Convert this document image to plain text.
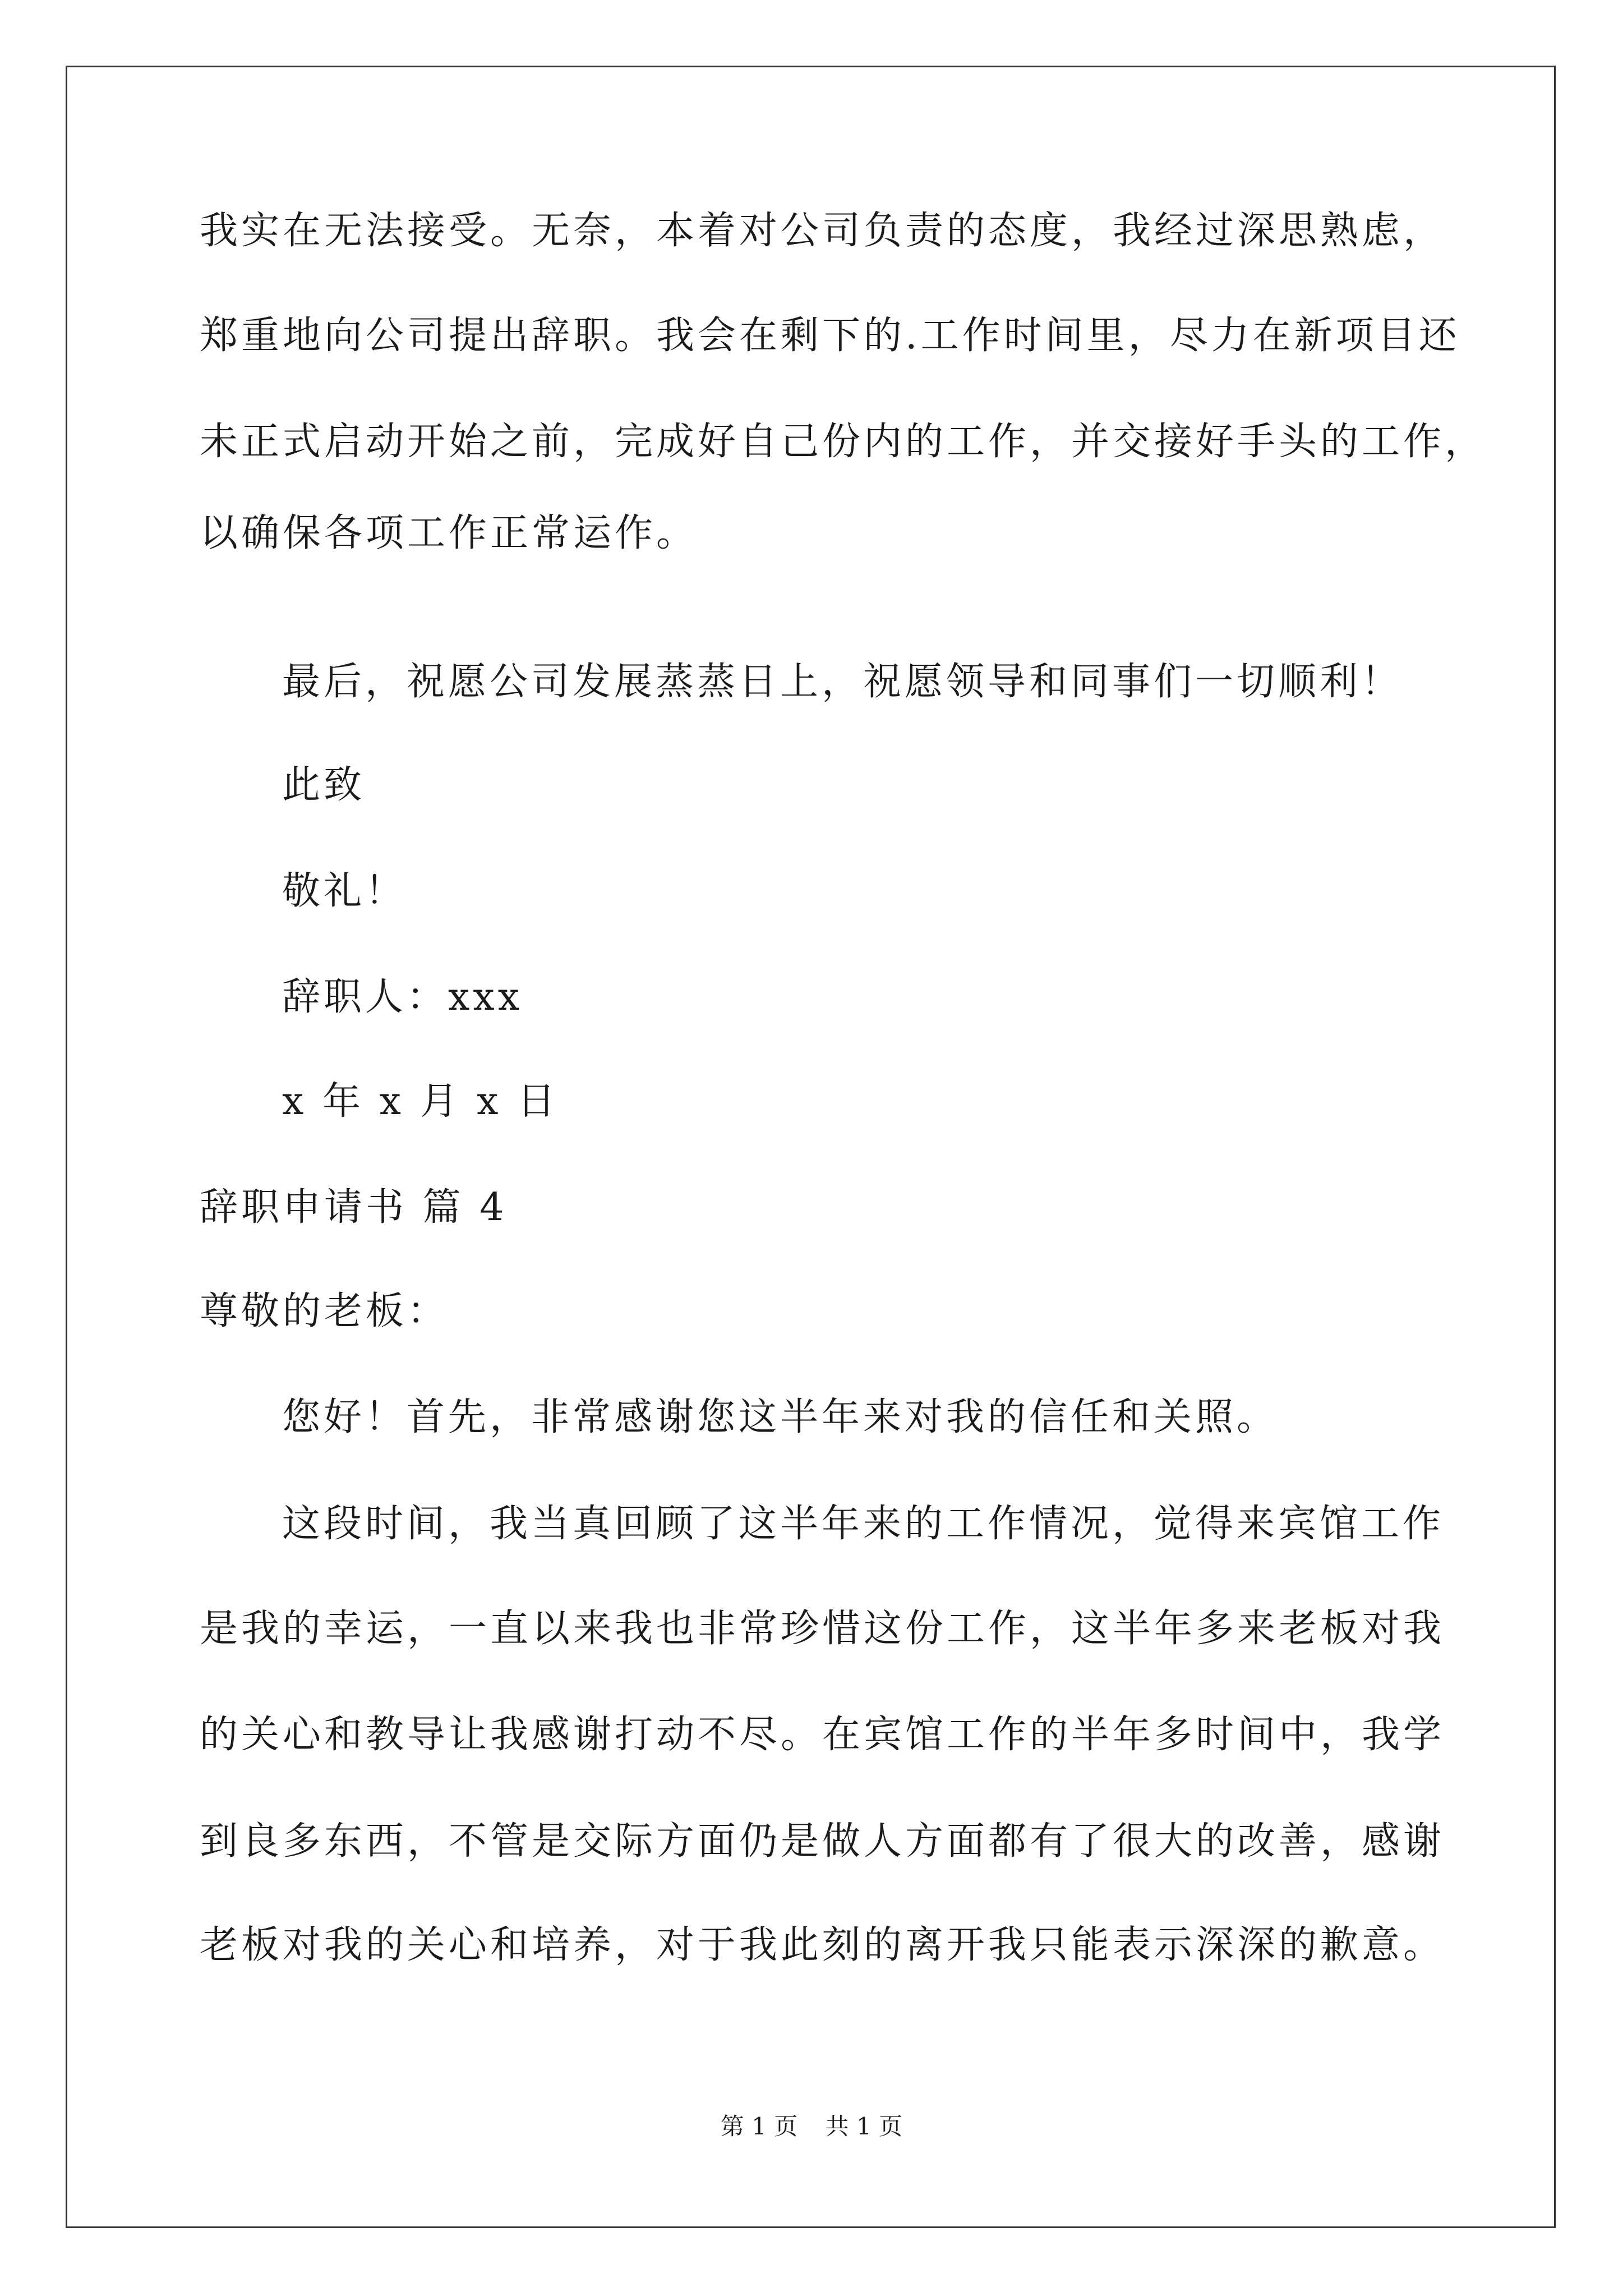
我实在无法接受。无奈，本着对公司负责的态度，我经过深思熟虑，
郑重地向公司提出辞职。我会在剩下的.工作时间里，尽力在新项目还
未正式启动开始之前，完成好自己份内的工作，并交接好手头的工作，
以确保各项工作正常运作。
最后，祝愿公司发展蒸蒸日上，祝愿领导和同事们一切顺利！
此致
敬礼！
辞职人：xxx
x 年 x 月 x 日
辞职申请书 篇 4
尊敬的老板：
您好！首先，非常感谢您这半年来对我的信任和关照。
这段时间，我当真回顾了这半年来的工作情况，觉得来宾馆工作
是我的幸运，一直以来我也非常珍惜这份工作，这半年多来老板对我
的关心和教导让我感谢打动不尽。在宾馆工作的半年多时间中，我学
到良多东西，不管是交际方面仍是做人方面都有了很大的改善，感谢
老板对我的关心和培养，对于我此刻的离开我只能表示深深的歉意。
第 1 页 共 1 页
